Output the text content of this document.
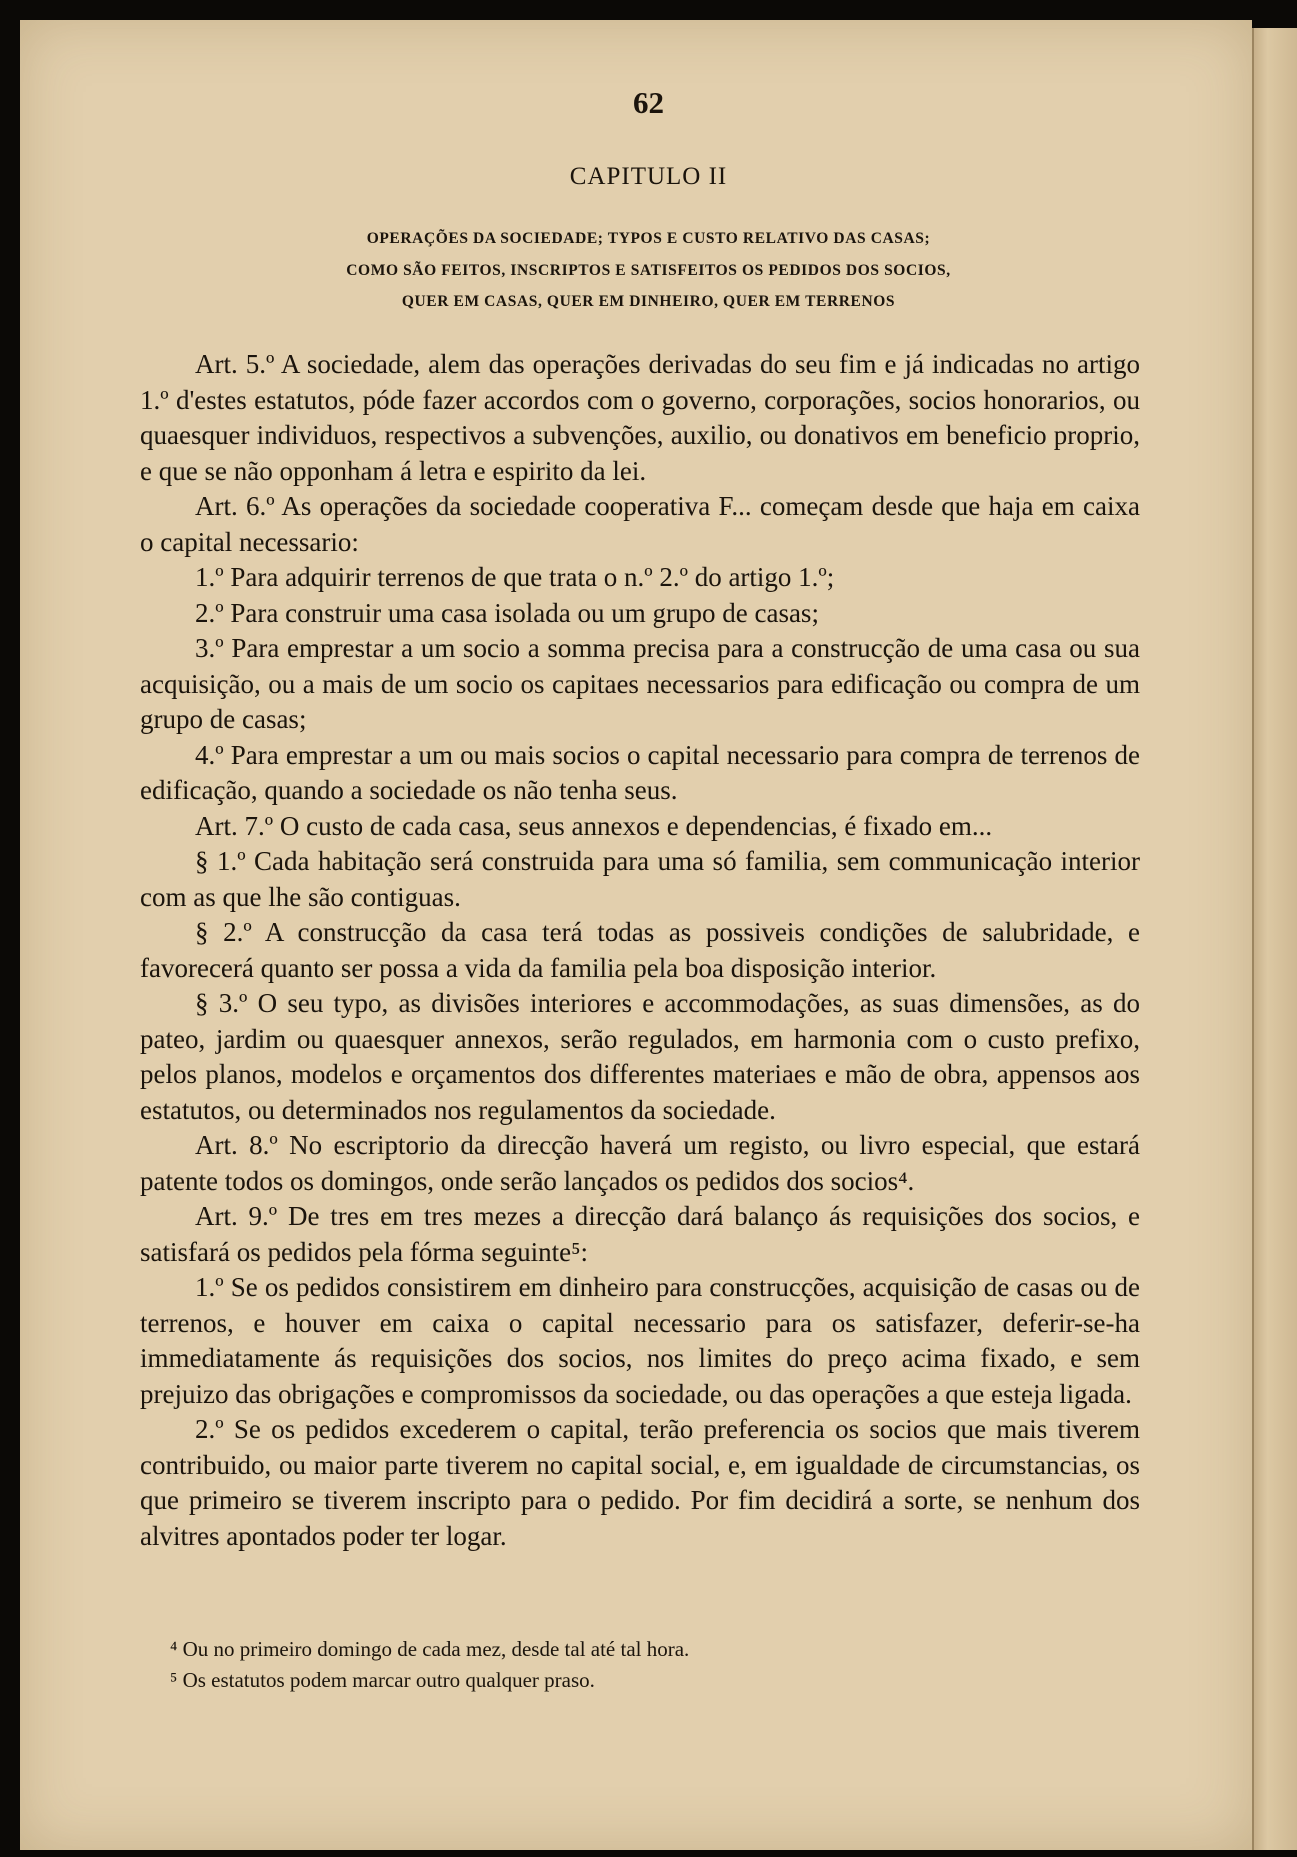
62
CAPITULO II
OPERAÇÕES DA SOCIEDADE; TYPOS E CUSTO RELATIVO DAS CASAS;
COMO SÃO FEITOS, INSCRIPTOS E SATISFEITOS OS PEDIDOS DOS SOCIOS,
QUER EM CASAS, QUER EM DINHEIRO, QUER EM TERRENOS

Art. 5.º A sociedade, alem das operações derivadas do seu fim e já indicadas no artigo 1.º d'estes estatutos, póde fazer accordos com o governo, corporações, socios honorarios, ou quaesquer individuos, respectivos a subvenções, auxilio, ou donativos em beneficio proprio, e que se não opponham á letra e espirito da lei.

Art. 6.º As operações da sociedade cooperativa F... começam desde que haja em caixa o capital necessario:

1.º Para adquirir terrenos de que trata o n.º 2.º do artigo 1.º;

2.º Para construir uma casa isolada ou um grupo de casas;

3.º Para emprestar a um socio a somma precisa para a construcção de uma casa ou sua acquisição, ou a mais de um socio os capitaes necessarios para edificação ou compra de um grupo de casas;

4.º Para emprestar a um ou mais socios o capital necessario para compra de terrenos de edificação, quando a sociedade os não tenha seus.

Art. 7.º O custo de cada casa, seus annexos e dependencias, é fixado em...

§ 1.º Cada habitação será construida para uma só familia, sem communicação interior com as que lhe são contiguas.

§ 2.º A construcção da casa terá todas as possiveis condições de salubridade, e favorecerá quanto ser possa a vida da familia pela boa disposição interior.

§ 3.º O seu typo, as divisões interiores e accommodações, as suas dimensões, as do pateo, jardim ou quaesquer annexos, serão regulados, em harmonia com o custo prefixo, pelos planos, modelos e orçamentos dos differentes materiaes e mão de obra, appensos aos estatutos, ou determinados nos regulamentos da sociedade.

Art. 8.º No escriptorio da direcção haverá um registo, ou livro especial, que estará patente todos os domingos, onde serão lançados os pedidos dos socios⁴.

Art. 9.º De tres em tres mezes a direcção dará balanço ás requisições dos socios, e satisfará os pedidos pela fórma seguinte⁵:

1.º Se os pedidos consistirem em dinheiro para construcções, acquisição de casas ou de terrenos, e houver em caixa o capital necessario para os satisfazer, deferir-se-ha immediatamente ás requisições dos socios, nos limites do preço acima fixado, e sem prejuizo das obrigações e compromissos da sociedade, ou das operações a que esteja ligada.

2.º Se os pedidos excederem o capital, terão preferencia os socios que mais tiverem contribuido, ou maior parte tiverem no capital social, e, em igualdade de circumstancias, os que primeiro se tiverem inscripto para o pedido. Por fim decidirá a sorte, se nenhum dos alvitres apontados poder ter logar.

⁴ Ou no primeiro domingo de cada mez, desde tal até tal hora.
⁵ Os estatutos podem marcar outro qualquer praso.
